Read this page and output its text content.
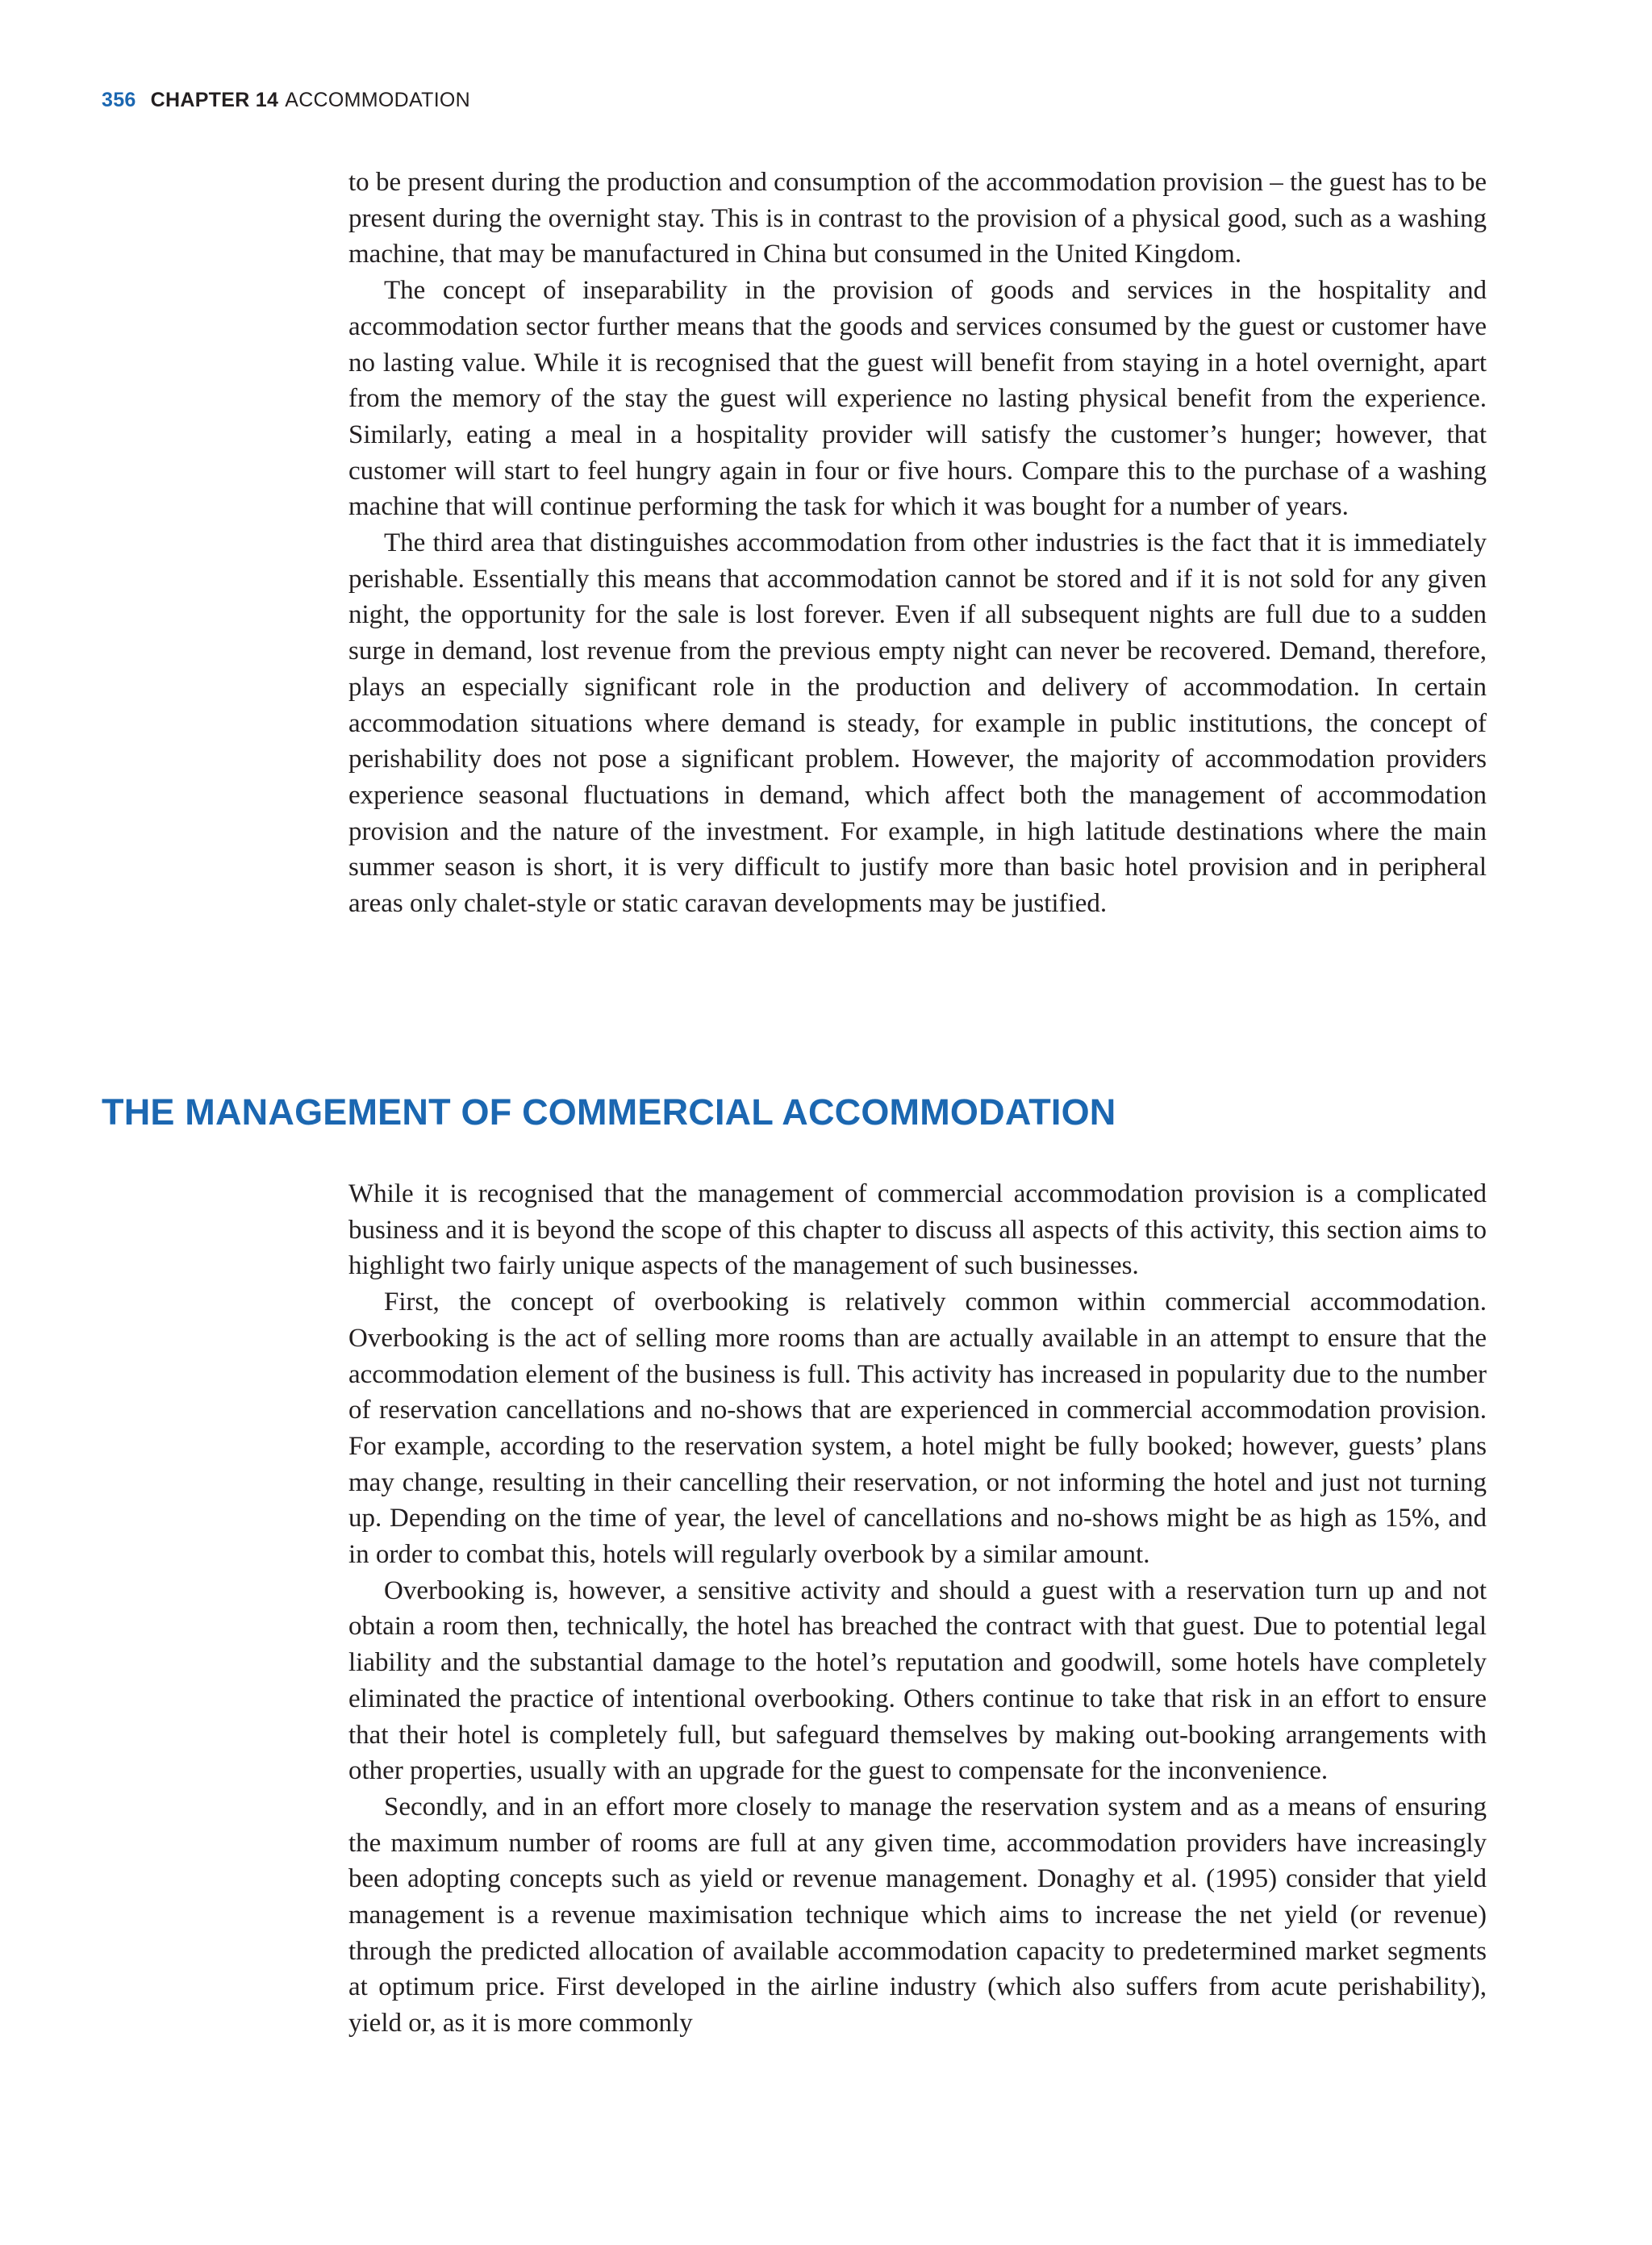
356 CHAPTER 14 ACCOMMODATION

to be present during the production and consumption of the accommodation provision – the guest has to be present during the overnight stay. This is in contrast to the provision of a physical good, such as a washing machine, that may be manufactured in China but consumed in the United Kingdom.

The concept of inseparability in the provision of goods and services in the hospitality and accommodation sector further means that the goods and services consumed by the guest or customer have no lasting value. While it is recognised that the guest will benefit from staying in a hotel overnight, apart from the memory of the stay the guest will experience no lasting physical benefit from the experience. Similarly, eating a meal in a hospitality provider will satisfy the customer’s hunger; however, that customer will start to feel hungry again in four or five hours. Compare this to the purchase of a washing machine that will continue performing the task for which it was bought for a number of years.

The third area that distinguishes accommodation from other industries is the fact that it is immediately perishable. Essentially this means that accommodation cannot be stored and if it is not sold for any given night, the opportunity for the sale is lost forever. Even if all subsequent nights are full due to a sudden surge in demand, lost revenue from the previous empty night can never be recovered. Demand, therefore, plays an especially significant role in the production and delivery of accommodation. In certain accommodation situations where demand is steady, for example in public institutions, the concept of perishability does not pose a significant problem. However, the majority of accommodation providers experience seasonal fluctuations in demand, which affect both the management of accommodation provision and the nature of the investment. For example, in high latitude destinations where the main summer season is short, it is very difficult to justify more than basic hotel provision and in peripheral areas only chalet-style or static caravan developments may be justified.

THE MANAGEMENT OF COMMERCIAL ACCOMMODATION

While it is recognised that the management of commercial accommodation provision is a complicated business and it is beyond the scope of this chapter to discuss all aspects of this activity, this section aims to highlight two fairly unique aspects of the management of such businesses.

First, the concept of overbooking is relatively common within commercial accommodation. Overbooking is the act of selling more rooms than are actually available in an attempt to ensure that the accommodation element of the business is full. This activity has increased in popularity due to the number of reservation cancellations and no-shows that are experienced in commercial accommodation provision. For example, according to the reservation system, a hotel might be fully booked; however, guests’ plans may change, resulting in their cancelling their reservation, or not informing the hotel and just not turning up. Depending on the time of year, the level of cancellations and no-shows might be as high as 15%, and in order to combat this, hotels will regularly overbook by a similar amount.

Overbooking is, however, a sensitive activity and should a guest with a reservation turn up and not obtain a room then, technically, the hotel has breached the contract with that guest. Due to potential legal liability and the substantial damage to the hotel’s reputation and goodwill, some hotels have completely eliminated the practice of intentional overbooking. Others continue to take that risk in an effort to ensure that their hotel is completely full, but safeguard themselves by making out-booking arrangements with other properties, usually with an upgrade for the guest to compensate for the inconvenience.

Secondly, and in an effort more closely to manage the reservation system and as a means of ensuring the maximum number of rooms are full at any given time, accommodation providers have increasingly been adopting concepts such as yield or revenue management. Donaghy et al. (1995) consider that yield management is a revenue maximisation technique which aims to increase the net yield (or revenue) through the predicted allocation of available accommodation capacity to predetermined market segments at optimum price. First developed in the airline industry (which also suffers from acute perishability), yield or, as it is more commonly
